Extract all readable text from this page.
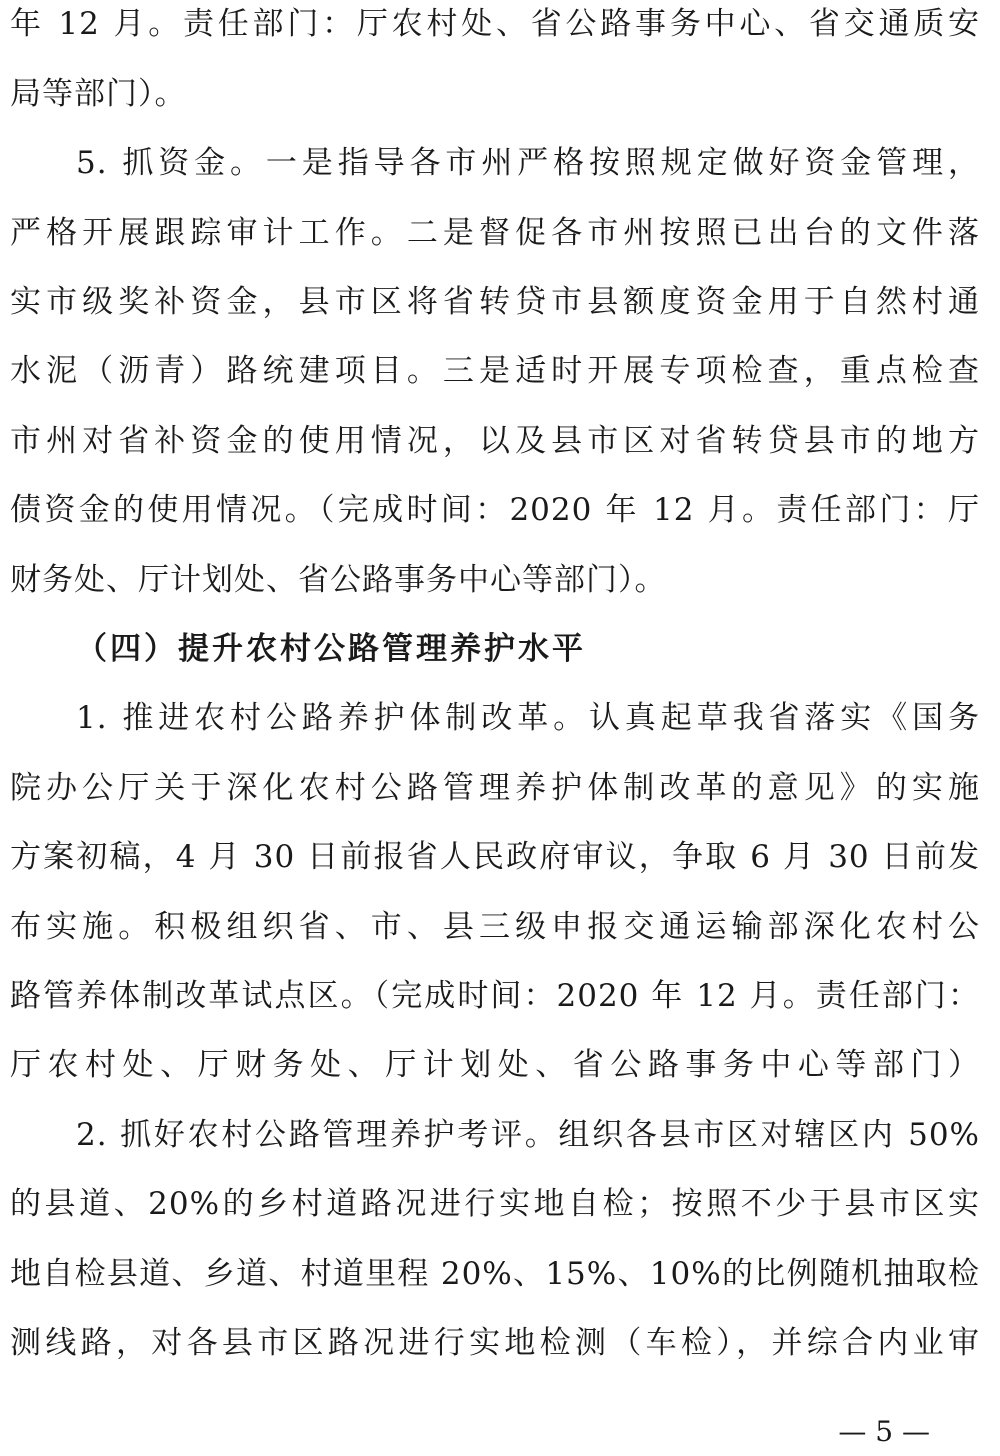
年 12 月。责任部门：厅农村处、省公路事务中心、省交通质安
局等部门）。
5. 抓资金。一是指导各市州严格按照规定做好资金管理，
严格开展跟踪审计工作。二是督促各市州按照已出台的文件落
实市级奖补资金，县市区将省转贷市县额度资金用于自然村通
水泥（沥青）路统建项目。三是适时开展专项检查，重点检查
市州对省补资金的使用情况，以及县市区对省转贷县市的地方
债资金的使用情况。（完成时间：2020 年 12 月。责任部门：厅
财务处、厅计划处、省公路事务中心等部门）。
（四）提升农村公路管理养护水平
1. 推进农村公路养护体制改革。认真起草我省落实《国务
院办公厅关于深化农村公路管理养护体制改革的意见》的实施
方案初稿，4 月 30 日前报省人民政府审议，争取 6 月 30 日前发
布实施。积极组织省、市、县三级申报交通运输部深化农村公
路管养体制改革试点区。（完成时间：2020 年 12 月。责任部门：
厅农村处、厅财务处、厅计划处、省公路事务中心等部门）
2. 抓好农村公路管理养护考评。组织各县市区对辖区内 50%
的县道、20%的乡村道路况进行实地自检；按照不少于县市区实
地自检县道、乡道、村道里程 20%、15%、10%的比例随机抽取检
测线路，对各县市区路况进行实地检测（车检），并综合内业审
— 5 —
